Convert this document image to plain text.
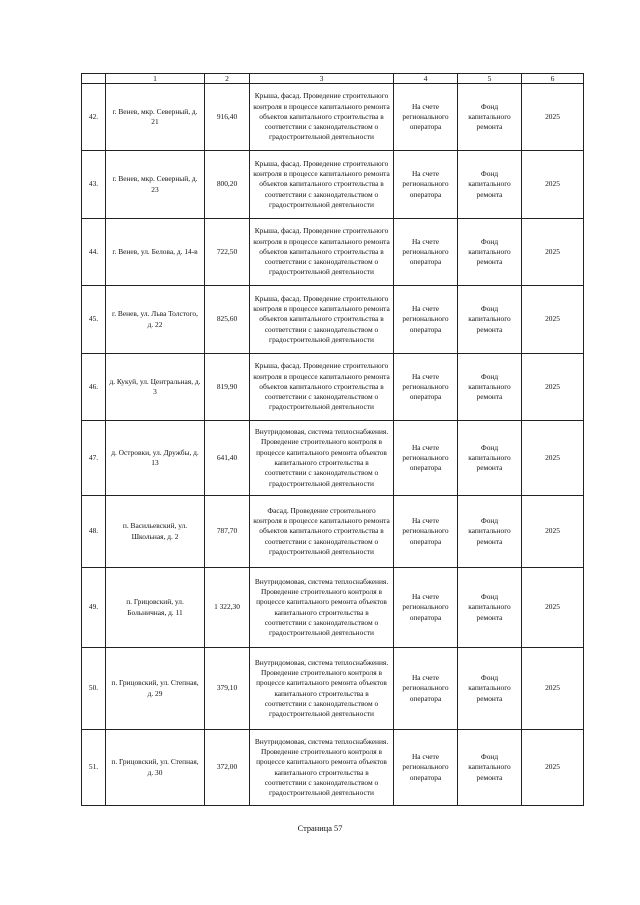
	1	2	3	4	5	6
42.	г. Венев, мкр. Северный, д. 21	916,40	Крыша, фасад. Проведение строительного контроля в процессе капитального ремонта объектов капитального строительства в соответствии с законодательством о градостроительной деятельности	На счете регионального оператора	Фонд капитального ремонта	2025
43.	г. Венев, мкр. Северный, д. 23	800,20	Крыша, фасад. Проведение строительного контроля в процессе капитального ремонта объектов капитального строительства в соответствии с законодательством о градостроительной деятельности	На счете регионального оператора	Фонд капитального ремонта	2025
44.	г. Венев, ул. Белова, д. 14-в	722,50	Крыша, фасад. Проведение строительного контроля в процессе капитального ремонта объектов капитального строительства в соответствии с законодательством о градостроительной деятельности	На счете регионального оператора	Фонд капитального ремонта	2025
45.	г. Венев, ул. Льва Толстого, д. 22	825,60	Крыша, фасад. Проведение строительного контроля в процессе капитального ремонта объектов капитального строительства в соответствии с законодательством о градостроительной деятельности	На счете регионального оператора	Фонд капитального ремонта	2025
46.	д. Кукуй, ул. Центральная, д. 3	819,90	Крыша, фасад. Проведение строительного контроля в процессе капитального ремонта объектов капитального строительства в соответствии с законодательством о градостроительной деятельности	На счете регионального оператора	Фонд капитального ремонта	2025
47.	д. Островки, ул. Дружбы, д. 13	641,40	Внутридомовая, система теплоснабжения. Проведение строительного контроля в процессе капитального ремонта объектов капитального строительства в соответствии с законодательством о градостроительной деятельности	На счете регионального оператора	Фонд капитального ремонта	2025
48.	п. Васильевский, ул. Школьная, д. 2	787,70	Фасад. Проведение строительного контроля в процессе капитального ремонта объектов капитального строительства в соответствии с законодательством о градостроительной деятельности	На счете регионального оператора	Фонд капитального ремонта	2025
49.	п. Грицовский, ул. Больничная, д. 11	1 322,30	Внутридомовая, система теплоснабжения. Проведение строительного контроля в процессе капитального ремонта объектов капитального строительства в соответствии с законодательством о градостроительной деятельности	На счете регионального оператора	Фонд капитального ремонта	2025
50.	п. Грицовский, ул. Степная, д. 29	379,10	Внутридомовая, система теплоснабжения. Проведение строительного контроля в процессе капитального ремонта объектов капитального строительства в соответствии с законодательством о градостроительной деятельности	На счете регионального оператора	Фонд капитального ремонта	2025
51.	п. Грицовский, ул. Степная, д. 30	372,00	Внутридомовая, система теплоснабжения. Проведение строительного контроля в процессе капитального ремонта объектов капитального строительства в соответствии с законодательством о градостроительной деятельности	На счете регионального оператора	Фонд капитального ремонта	2025
Страница 57
